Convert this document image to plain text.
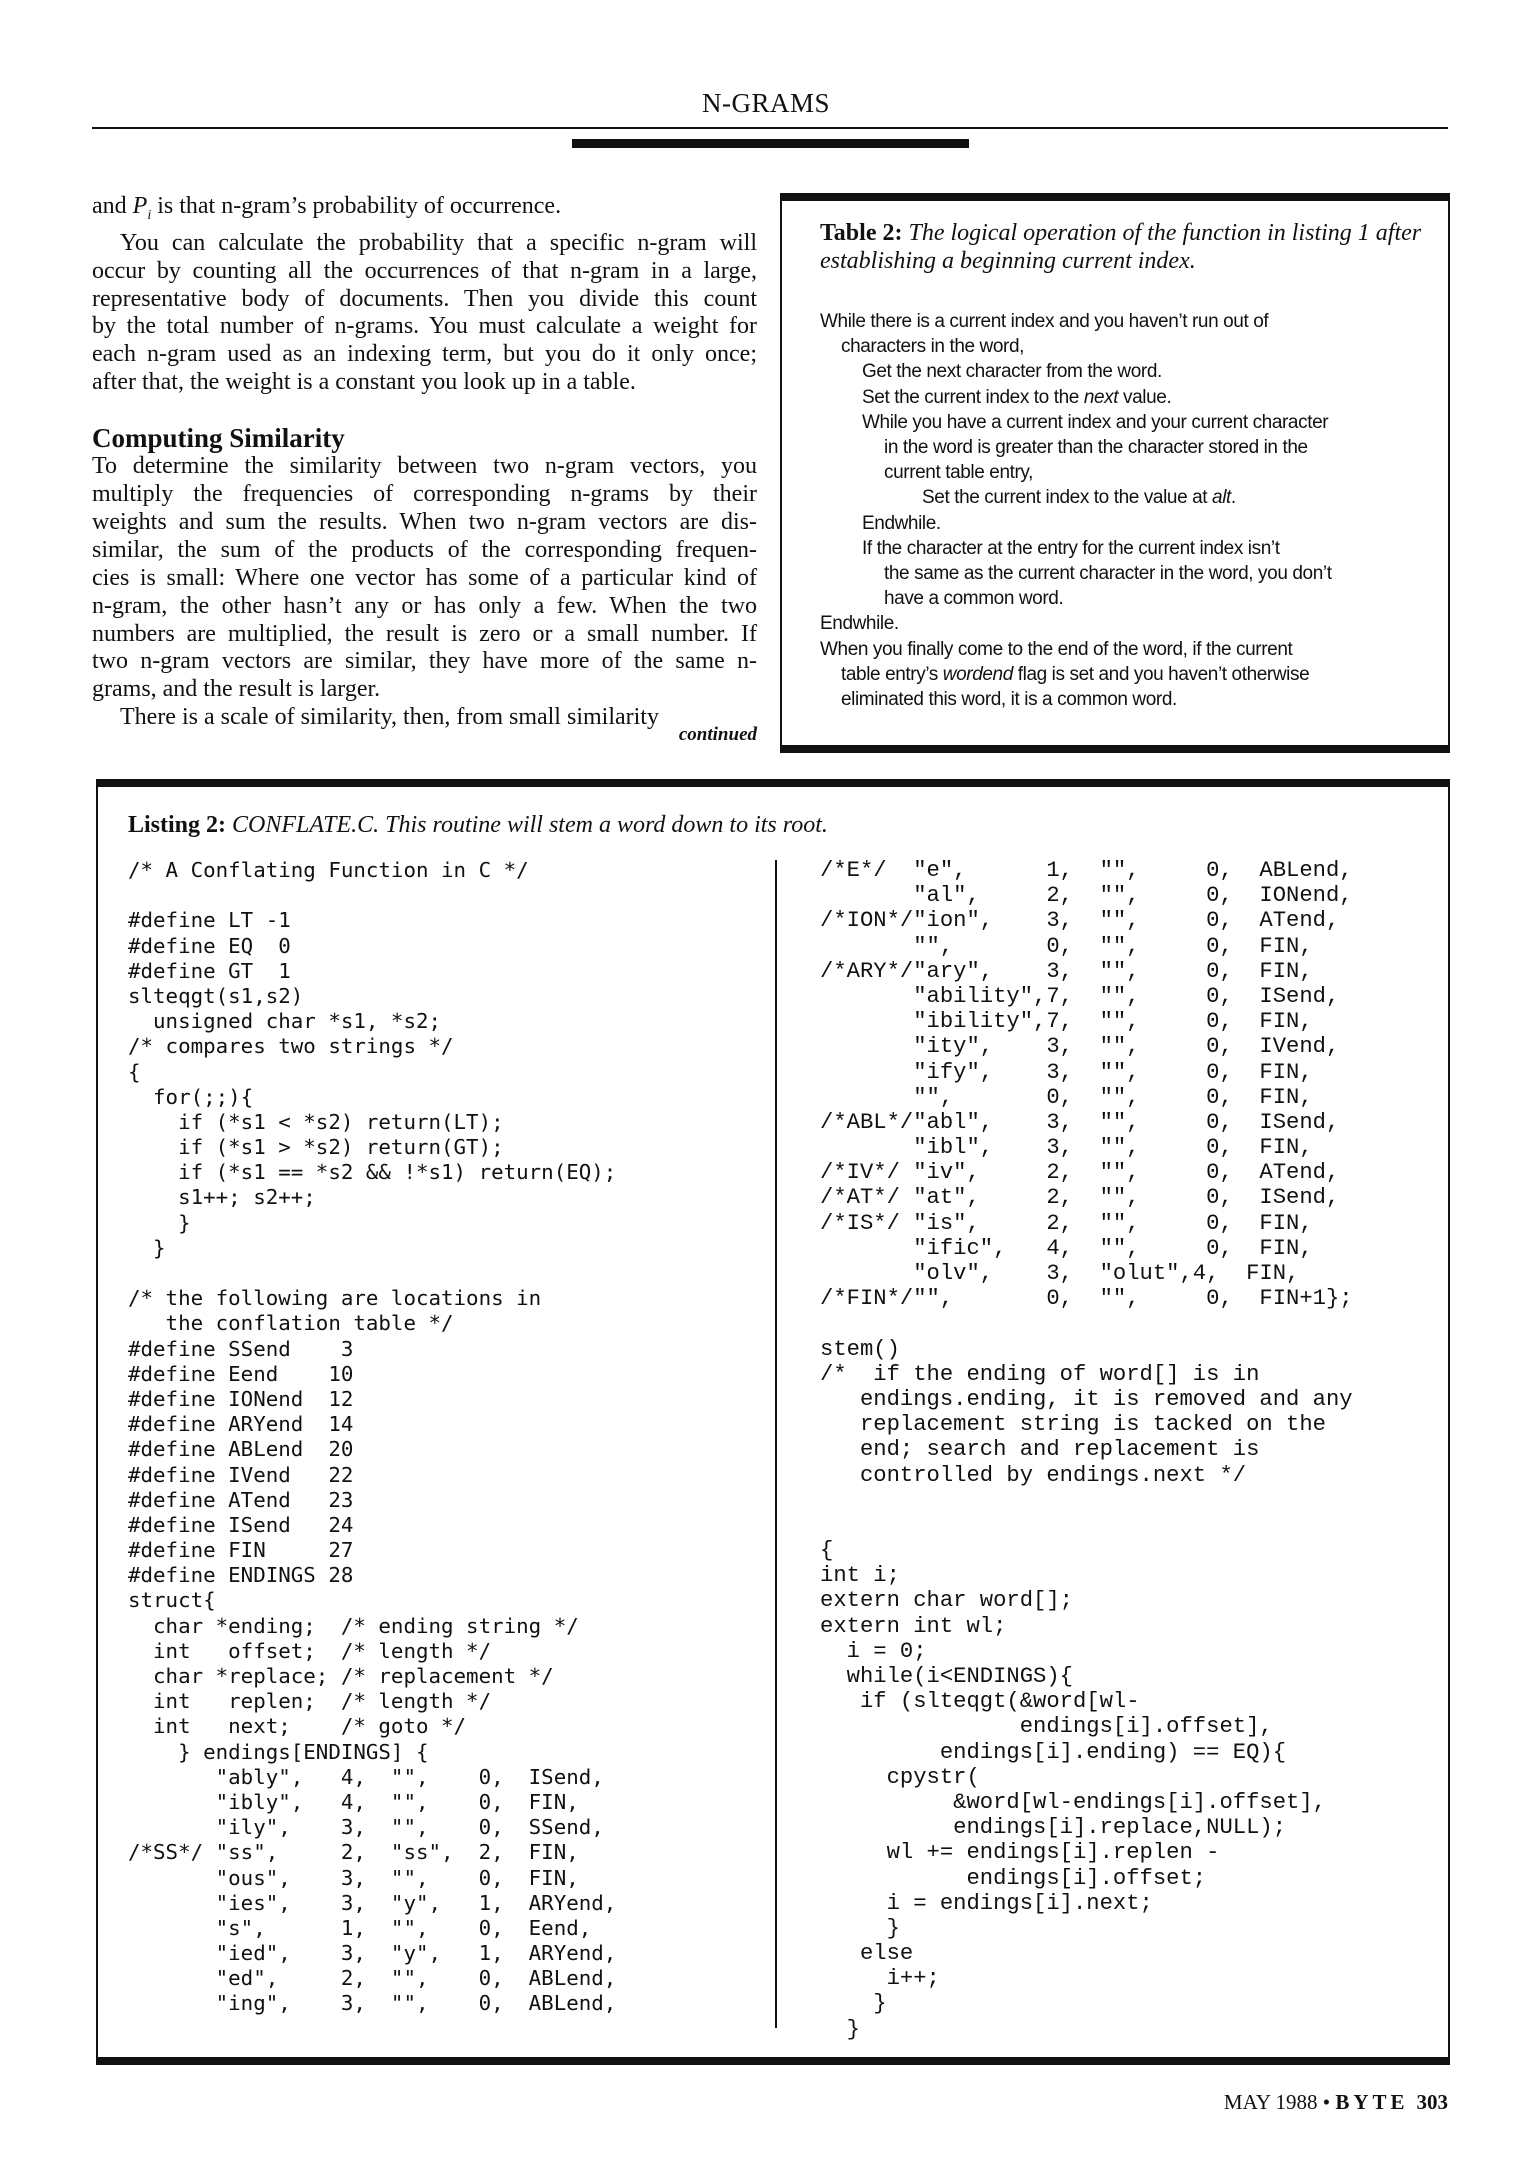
N-GRAMS
and $P_i$ is that n-gram’s probability of occurrence.
You can calculate the probability that a specific n-gram will
occur by counting all the occurrences of that n-gram in a large,
representative body of documents. Then you divide this count
by the total number of n-grams. You must calculate a weight for
each n-gram used as an indexing term, but you do it only once;
after that, the weight is a constant you look up in a table.
Computing Similarity
To determine the similarity between two n-gram vectors, you
multiply the frequencies of corresponding n-grams by their
weights and sum the results. When two n-gram vectors are dis-
similar, the sum of the products of the corresponding frequen-
cies is small: Where one vector has some of a particular kind of
n-gram, the other hasn’t any or has only a few. When the two
numbers are multiplied, the result is zero or a small number. If
two n-gram vectors are similar, they have more of the same n-
grams, and the result is larger.
There is a scale of similarity, then, from small similarity
continued
Table 2: The logical operation of the function in listing 1 after establishing a beginning current index.
While there is a current index and you haven’t run out of
characters in the word,
Get the next character from the word.
Set the current index to the next value.
While you have a current index and your current character
in the word is greater than the character stored in the
current table entry,
Set the current index to the value at alt.
Endwhile.
If the character at the entry for the current index isn’t
the same as the current character in the word, you don’t
have a common word.
Endwhile.
When you finally come to the end of the word, if the current
table entry’s wordend flag is set and you haven’t otherwise
eliminated this word, it is a common word.
Listing 2: CONFLATE.C. This routine will stem a word down to its root.
/* A Conflating Function in C */
#define LT -1
#define EQ  0
#define GT  1
slteqgt(s1,s2)
unsigned char *s1, *s2;
/* compares two strings */
{
for(;;){
if (*s1 < *s2) return(LT);
if (*s1 > *s2) return(GT);
if (*s1 == *s2 && !*s1) return(EQ);
s1++; s2++;
}
}
/* the following are locations in
the conflation table */
#define SSend    3
#define Eend    10
#define IONend  12
#define ARYend  14
#define ABLend  20
#define IVend   22
#define ATend   23
#define ISend   24
#define FIN     27
#define ENDINGS 28
struct{
char *ending;  /* ending string */
int   offset;  /* length */
char *replace; /* replacement */
int   replen;  /* length */
int   next;    /* goto */
} endings[ENDINGS] {
"ably",   4,  "",    0,  ISend,
"ibly",   4,  "",    0,  FIN,
"ily",    3,  "",    0,  SSend,
/*SS*/ "ss",     2,  "ss",  2,  FIN,
"ous",    3,  "",    0,  FIN,
"ies",    3,  "y",   1,  ARYend,
"s",      1,  "",    0,  Eend,
"ied",    3,  "y",   1,  ARYend,
"ed",     2,  "",    0,  ABLend,
"ing",    3,  "",    0,  ABLend,
/*E*/  "e",      1,  "",     0,  ABLend,
"al",     2,  "",     0,  IONend,
/*ION*/"ion",    3,  "",     0,  ATend,
"",       0,  "",     0,  FIN,
/*ARY*/"ary",    3,  "",     0,  FIN,
"ability",7,  "",     0,  ISend,
"ibility",7,  "",     0,  FIN,
"ity",    3,  "",     0,  IVend,
"ify",    3,  "",     0,  FIN,
"",       0,  "",     0,  FIN,
/*ABL*/"abl",    3,  "",     0,  ISend,
"ibl",    3,  "",     0,  FIN,
/*IV*/ "iv",     2,  "",     0,  ATend,
/*AT*/ "at",     2,  "",     0,  ISend,
/*IS*/ "is",     2,  "",     0,  FIN,
"ific",   4,  "",     0,  FIN,
"olv",    3,  "olut",4,  FIN,
/*FIN*/"",       0,  "",     0,  FIN+1};
stem()
/*  if the ending of word[] is in
endings.ending, it is removed and any
replacement string is tacked on the
end; search and replacement is
controlled by endings.next */
{
int i;
extern char word[];
extern int wl;
i = 0;
while(i<ENDINGS){
if (slteqgt(&word[wl-
endings[i].offset],
endings[i].ending) == EQ){
cpystr(
&word[wl-endings[i].offset],
endings[i].replace,NULL);
wl += endings[i].replen -
endings[i].offset;
i = endings[i].next;
}
else
i++;
}
}
MAY 1988 • BYTE 303
